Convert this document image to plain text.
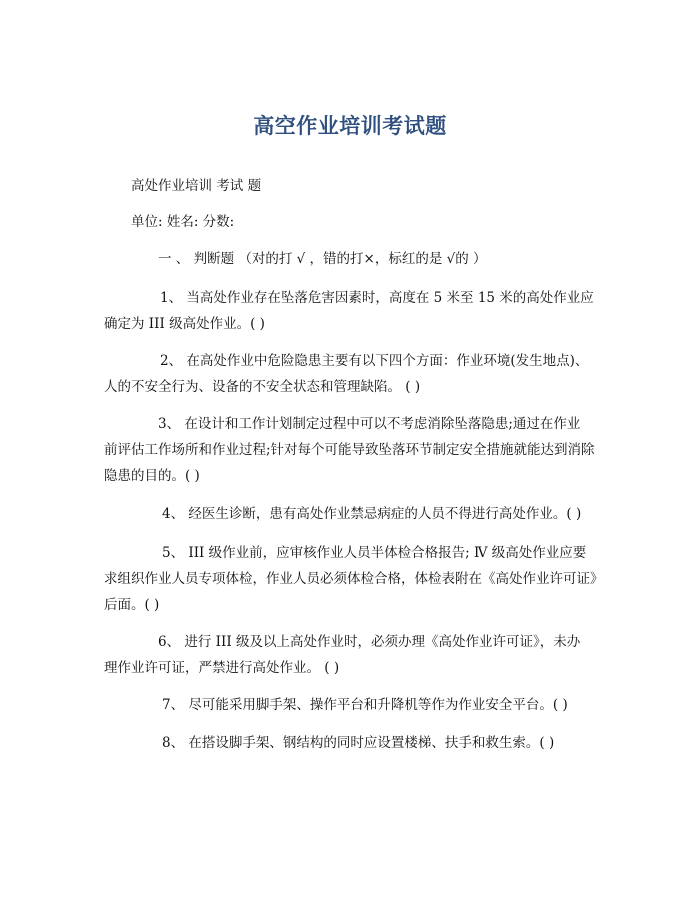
高空作业培训考试题
高处作业培训 考试 题
单位: 姓名: 分数:
一 、 判断题 （对的打 √ ，错的打×，标红的是 √的 ）
1、 当高处作业存在坠落危害因素时，高度在 5 米至 15 米的高处作业应
确定为 III 级高处作业。( )
2、 在高处作业中危险隐患主要有以下四个方面：作业环境(发生地点)、
人的不安全行为、设备的不安全状态和管理缺陷。 ( )
3、 在设计和工作计划制定过程中可以不考虑消除坠落隐患;通过在作业
前评估工作场所和作业过程;针对每个可能导致坠落环节制定安全措施就能达到消除隐患的目的。( )
4、 经医生诊断，患有高处作业禁忌病症的人员不得进行高处作业。( )
5、 III 级作业前，应审核作业人员半体检合格报告; Ⅳ 级高处作业应要
求组织作业人员专项体检，作业人员必须体检合格，体检表附在《高处作业许可证》后面。( )
6、 进行 III 级及以上高处作业时，必须办理《高处作业许可证》，未办
理作业许可证，严禁进行高处作业。 ( )
7、 尽可能采用脚手架、操作平台和升降机等作为作业安全平台。( )
8、 在搭设脚手架、钢结构的同时应设置楼梯、扶手和救生索。( )
